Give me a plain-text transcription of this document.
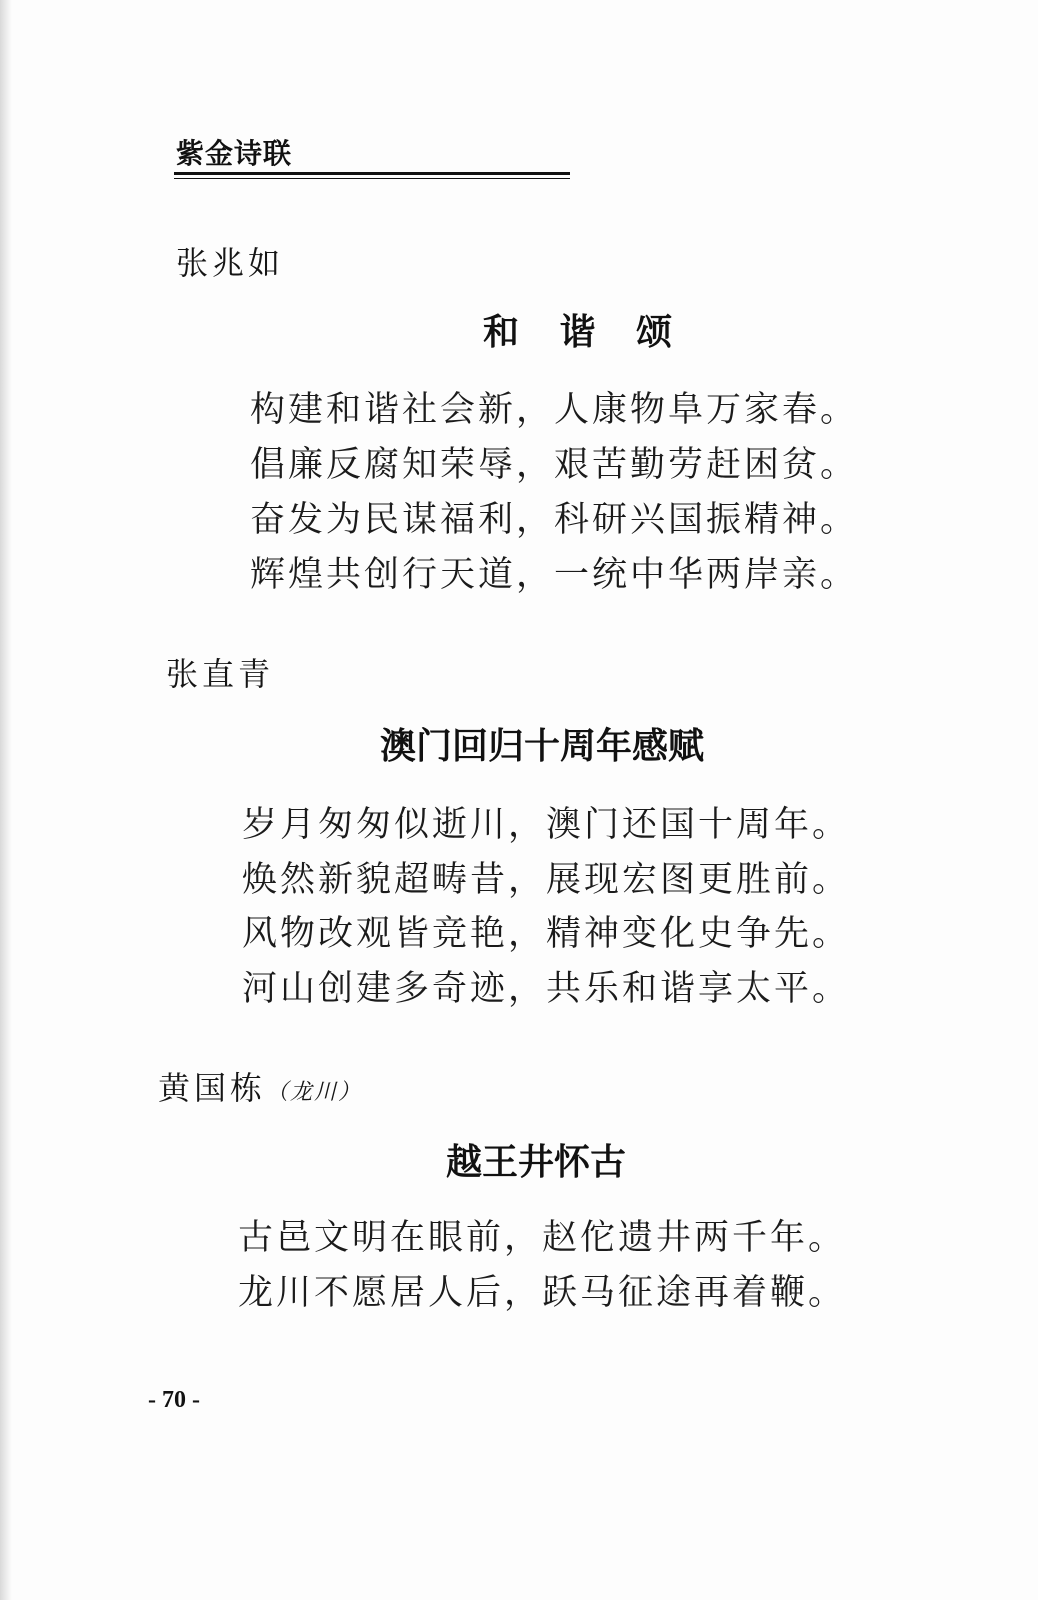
紫金诗联
张兆如
和 谐 颂
构建和谐社会新，人康物阜万家春。
倡廉反腐知荣辱，艰苦勤劳赶困贫。
奋发为民谋福利，科研兴国振精神。
辉煌共创行天道，一统中华两岸亲。
张直青
澳门回归十周年感赋
岁月匆匆似逝川，澳门还国十周年。
焕然新貌超畴昔，展现宏图更胜前。
风物改观皆竞艳，精神变化史争先。
河山创建多奇迹，共乐和谐享太平。
黄国栋（龙川）
越王井怀古
古邑文明在眼前，赵佗遗井两千年。
龙川不愿居人后，跃马征途再着鞭。
- 70 -
